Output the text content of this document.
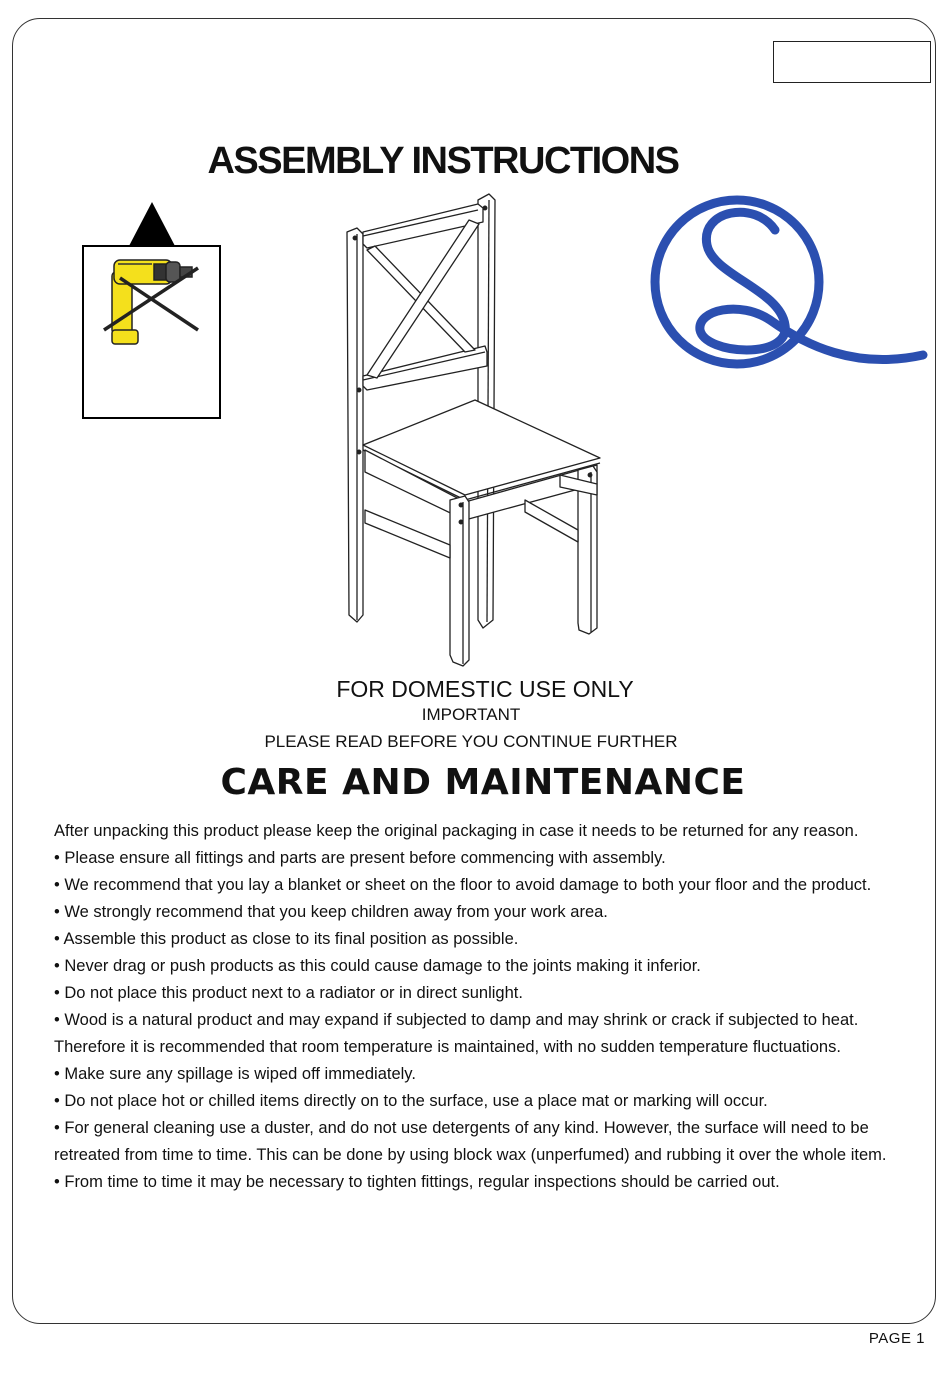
ASSEMBLY INSTRUCTIONS
FOR DOMESTIC USE ONLY
IMPORTANT
PLEASE READ BEFORE YOU CONTINUE FURTHER
CARE AND MAINTENANCE

After unpacking this product please keep the original packaging in case it needs to be returned for any reason.

• Please ensure all fittings and parts are present before commencing with assembly.

• We recommend that you lay a blanket or sheet on the floor to avoid damage to both your floor and the product.

• We strongly recommend that you keep children away from your work area.

• Assemble this product as close to its final position as possible.

• Never drag or push products as this could cause damage to the joints making it inferior.

• Do not place this product next to a radiator or in direct sunlight.

• Wood is a natural product and may expand if subjected to damp and may shrink or crack if subjected to heat. Therefore it is recommended that room temperature is maintained, with no sudden temperature fluctuations.

• Make sure any spillage is wiped off immediately.

• Do not place hot or chilled items directly on to the surface, use a place mat or marking will occur.

• For general cleaning use a duster, and do not use detergents of any kind. However, the surface will need to be retreated from time to time. This can be done by using block wax (unperfumed) and rubbing it over the whole item.

• From time to time it may be necessary to tighten fittings, regular inspections should be carried out.

PAGE 1
